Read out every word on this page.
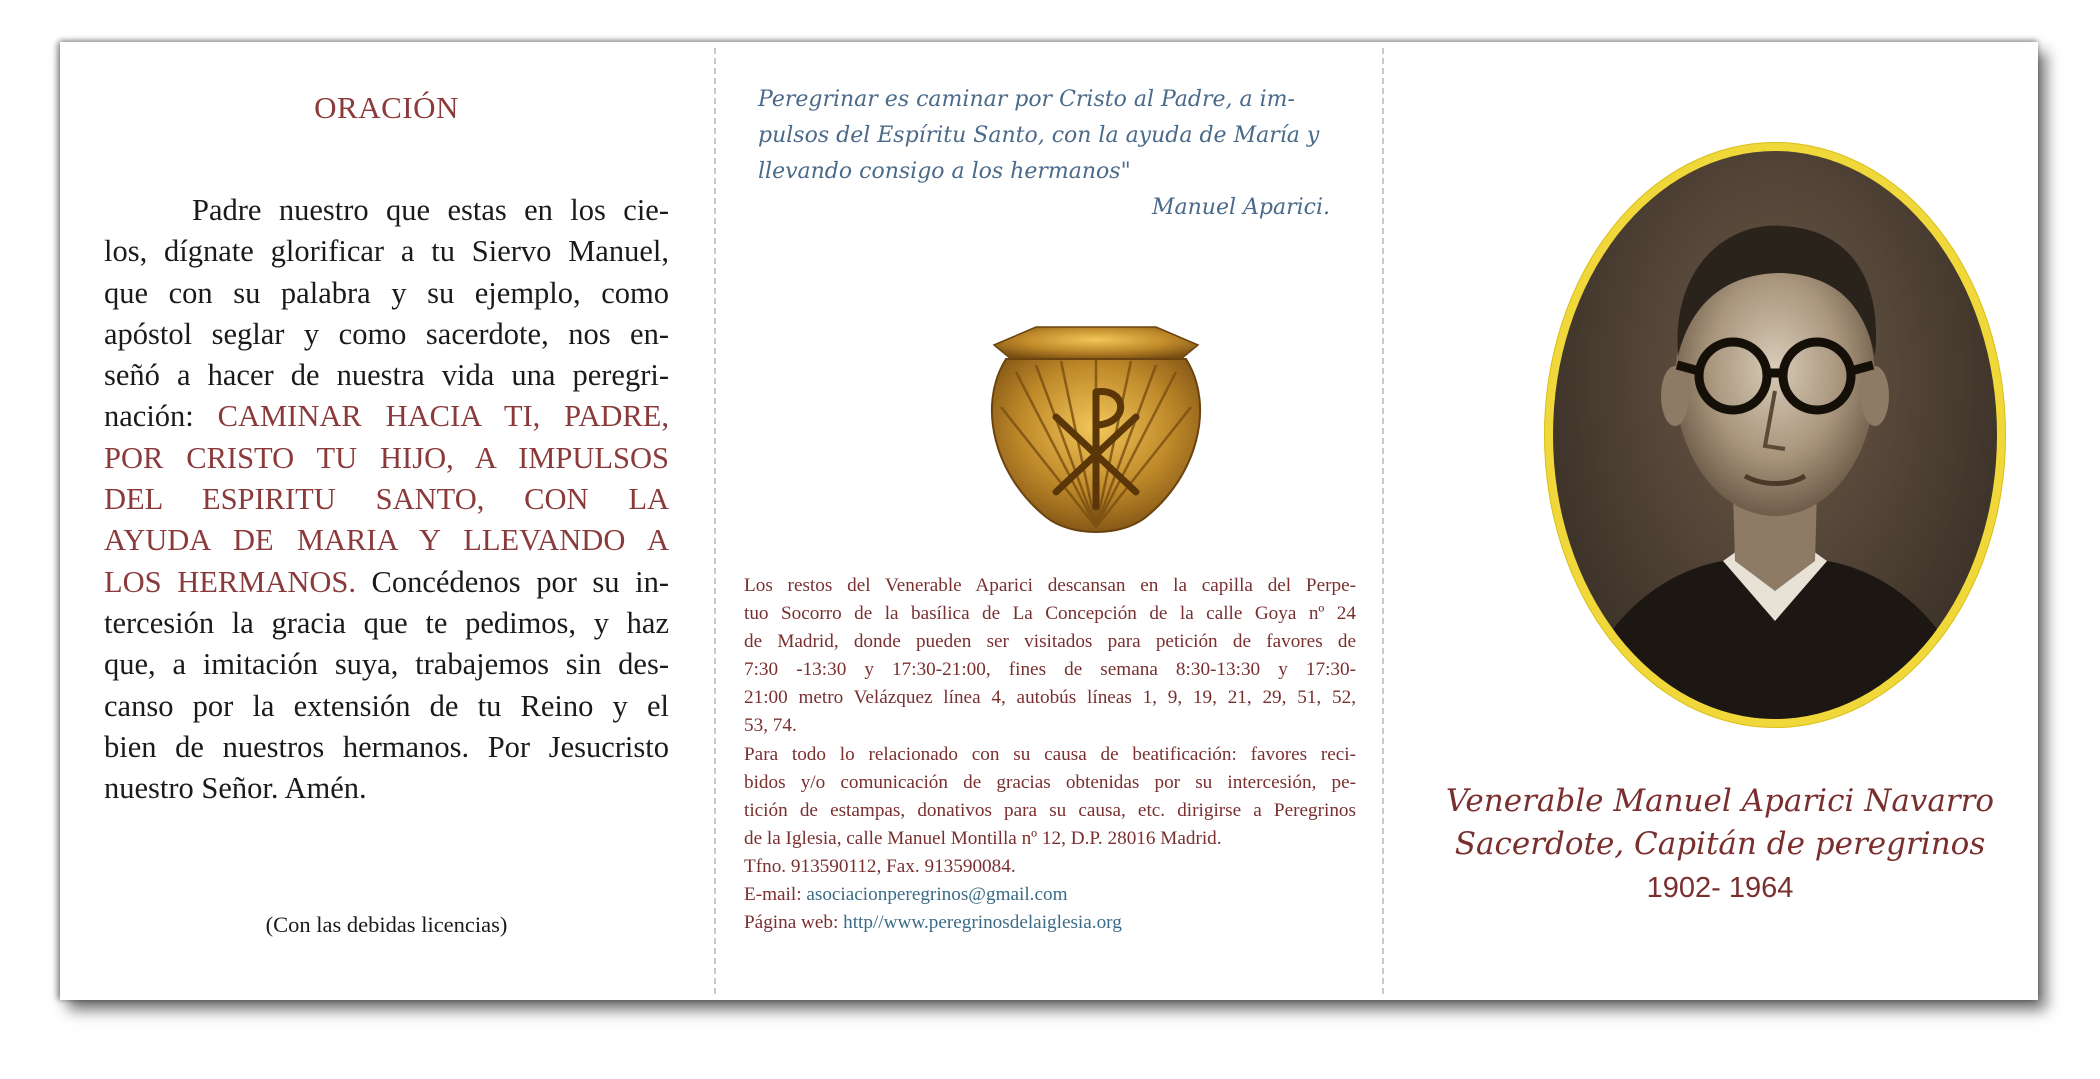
ORACIÓN
Padre nuestro que estas en los cie-
los, dígnate glorificar a tu Siervo Manuel,
que con su palabra y su ejemplo, como
apóstol seglar y como sacerdote, nos en-
señó a hacer de nuestra vida una peregri-
nación: CAMINAR HACIA TI, PADRE,
POR CRISTO TU HIJO, A IMPULSOS
DEL ESPIRITU SANTO, CON LA
AYUDA DE MARIA Y LLEVANDO A
LOS HERMANOS. Concédenos por su in-
tercesión la gracia que te pedimos, y haz
que, a imitación suya, trabajemos sin des-
canso por la extensión de tu Reino y el
bien de nuestros hermanos. Por Jesucristo
nuestro Señor. Amén.
(Con las debidas licencias)
Peregrinar es caminar por Cristo al Padre, a im-
pulsos del Espíritu Santo, con la ayuda de María y
llevando consigo a los hermanos"
Manuel Aparici.
Los restos del Venerable Aparici descansan en la capilla del Perpe-
tuo Socorro de la basílica de La Concepción de la calle Goya nº 24
de Madrid, donde pueden ser visitados para petición de favores de
7:30 -13:30 y 17:30-21:00, fines de semana 8:30-13:30 y 17:30-
21:00 metro Velázquez línea 4, autobús líneas 1, 9, 19, 21, 29, 51, 52,
53, 74.
Para todo lo relacionado con su causa de beatificación: favores reci-
bidos y/o comunicación de gracias obtenidas por su intercesión, pe-
tición de estampas, donativos para su causa, etc. dirigirse a Peregrinos
de la Iglesia, calle Manuel Montilla nº 12, D.P. 28016 Madrid.
Tfno. 913590112, Fax. 913590084.
E-mail: asociacionperegrinos@gmail.com
Página web: http//www.peregrinosdelaiglesia.org
Venerable Manuel Aparici Navarro
Sacerdote, Capitán de peregrinos
1902- 1964
